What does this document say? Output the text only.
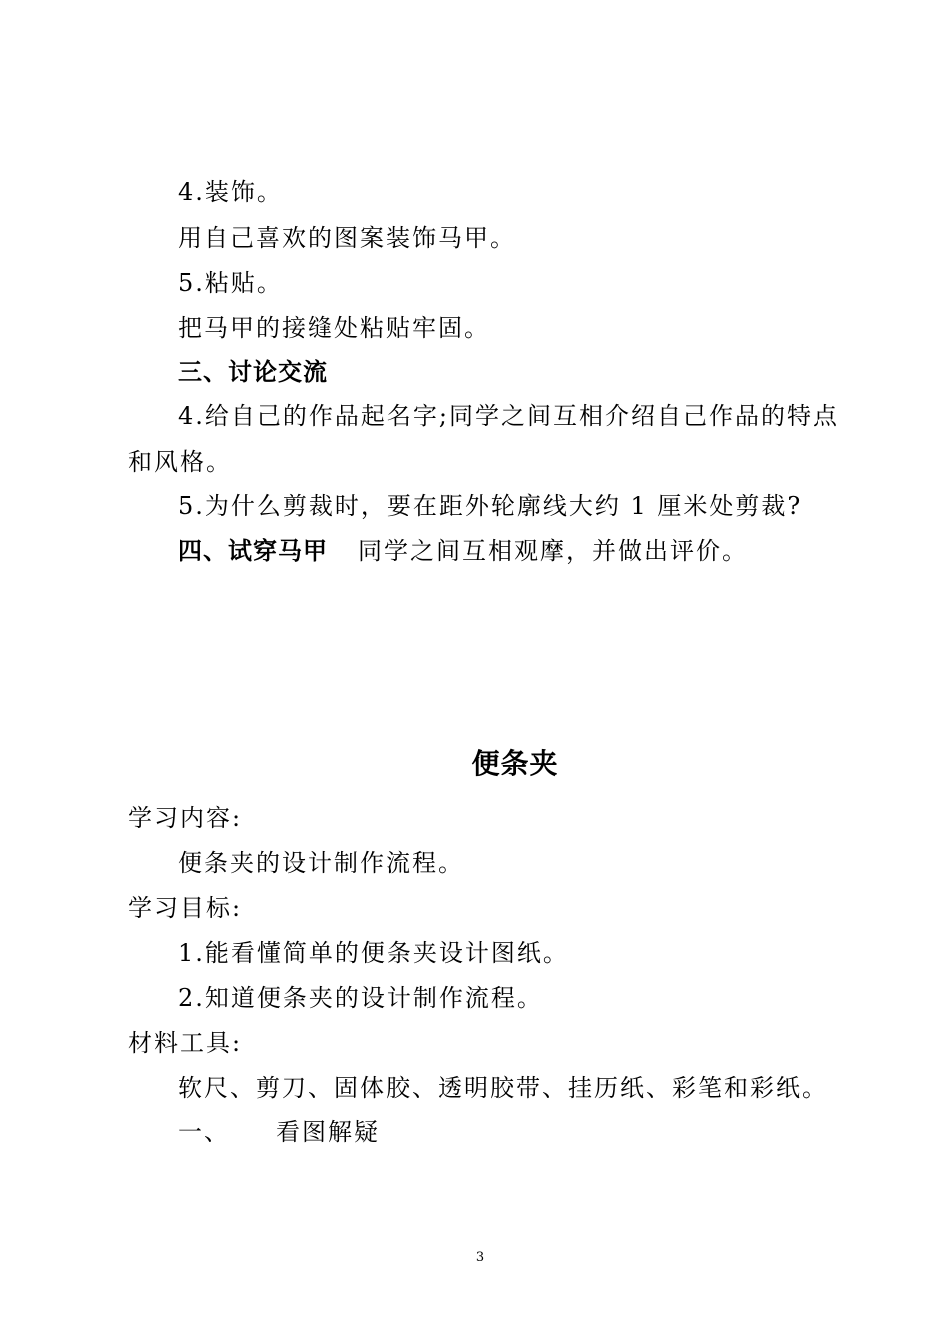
4.装饰。
用自己喜欢的图案装饰马甲。
5.粘贴。
把马甲的接缝处粘贴牢固。
三、讨论交流
4.给自己的作品起名字;同学之间互相介绍自己作品的特点
和风格。
5.为什么剪裁时，要在距外轮廓线大约 1 厘米处剪裁?
四、试穿马甲 同学之间互相观摩，并做出评价。
便条夹
学习内容:
便条夹的设计制作流程。
学习目标:
1.能看懂简单的便条夹设计图纸。
2.知道便条夹的设计制作流程。
材料工具:
软尺、剪刀、固体胶、透明胶带、挂历纸、彩笔和彩纸。
一、 看图解疑
3
